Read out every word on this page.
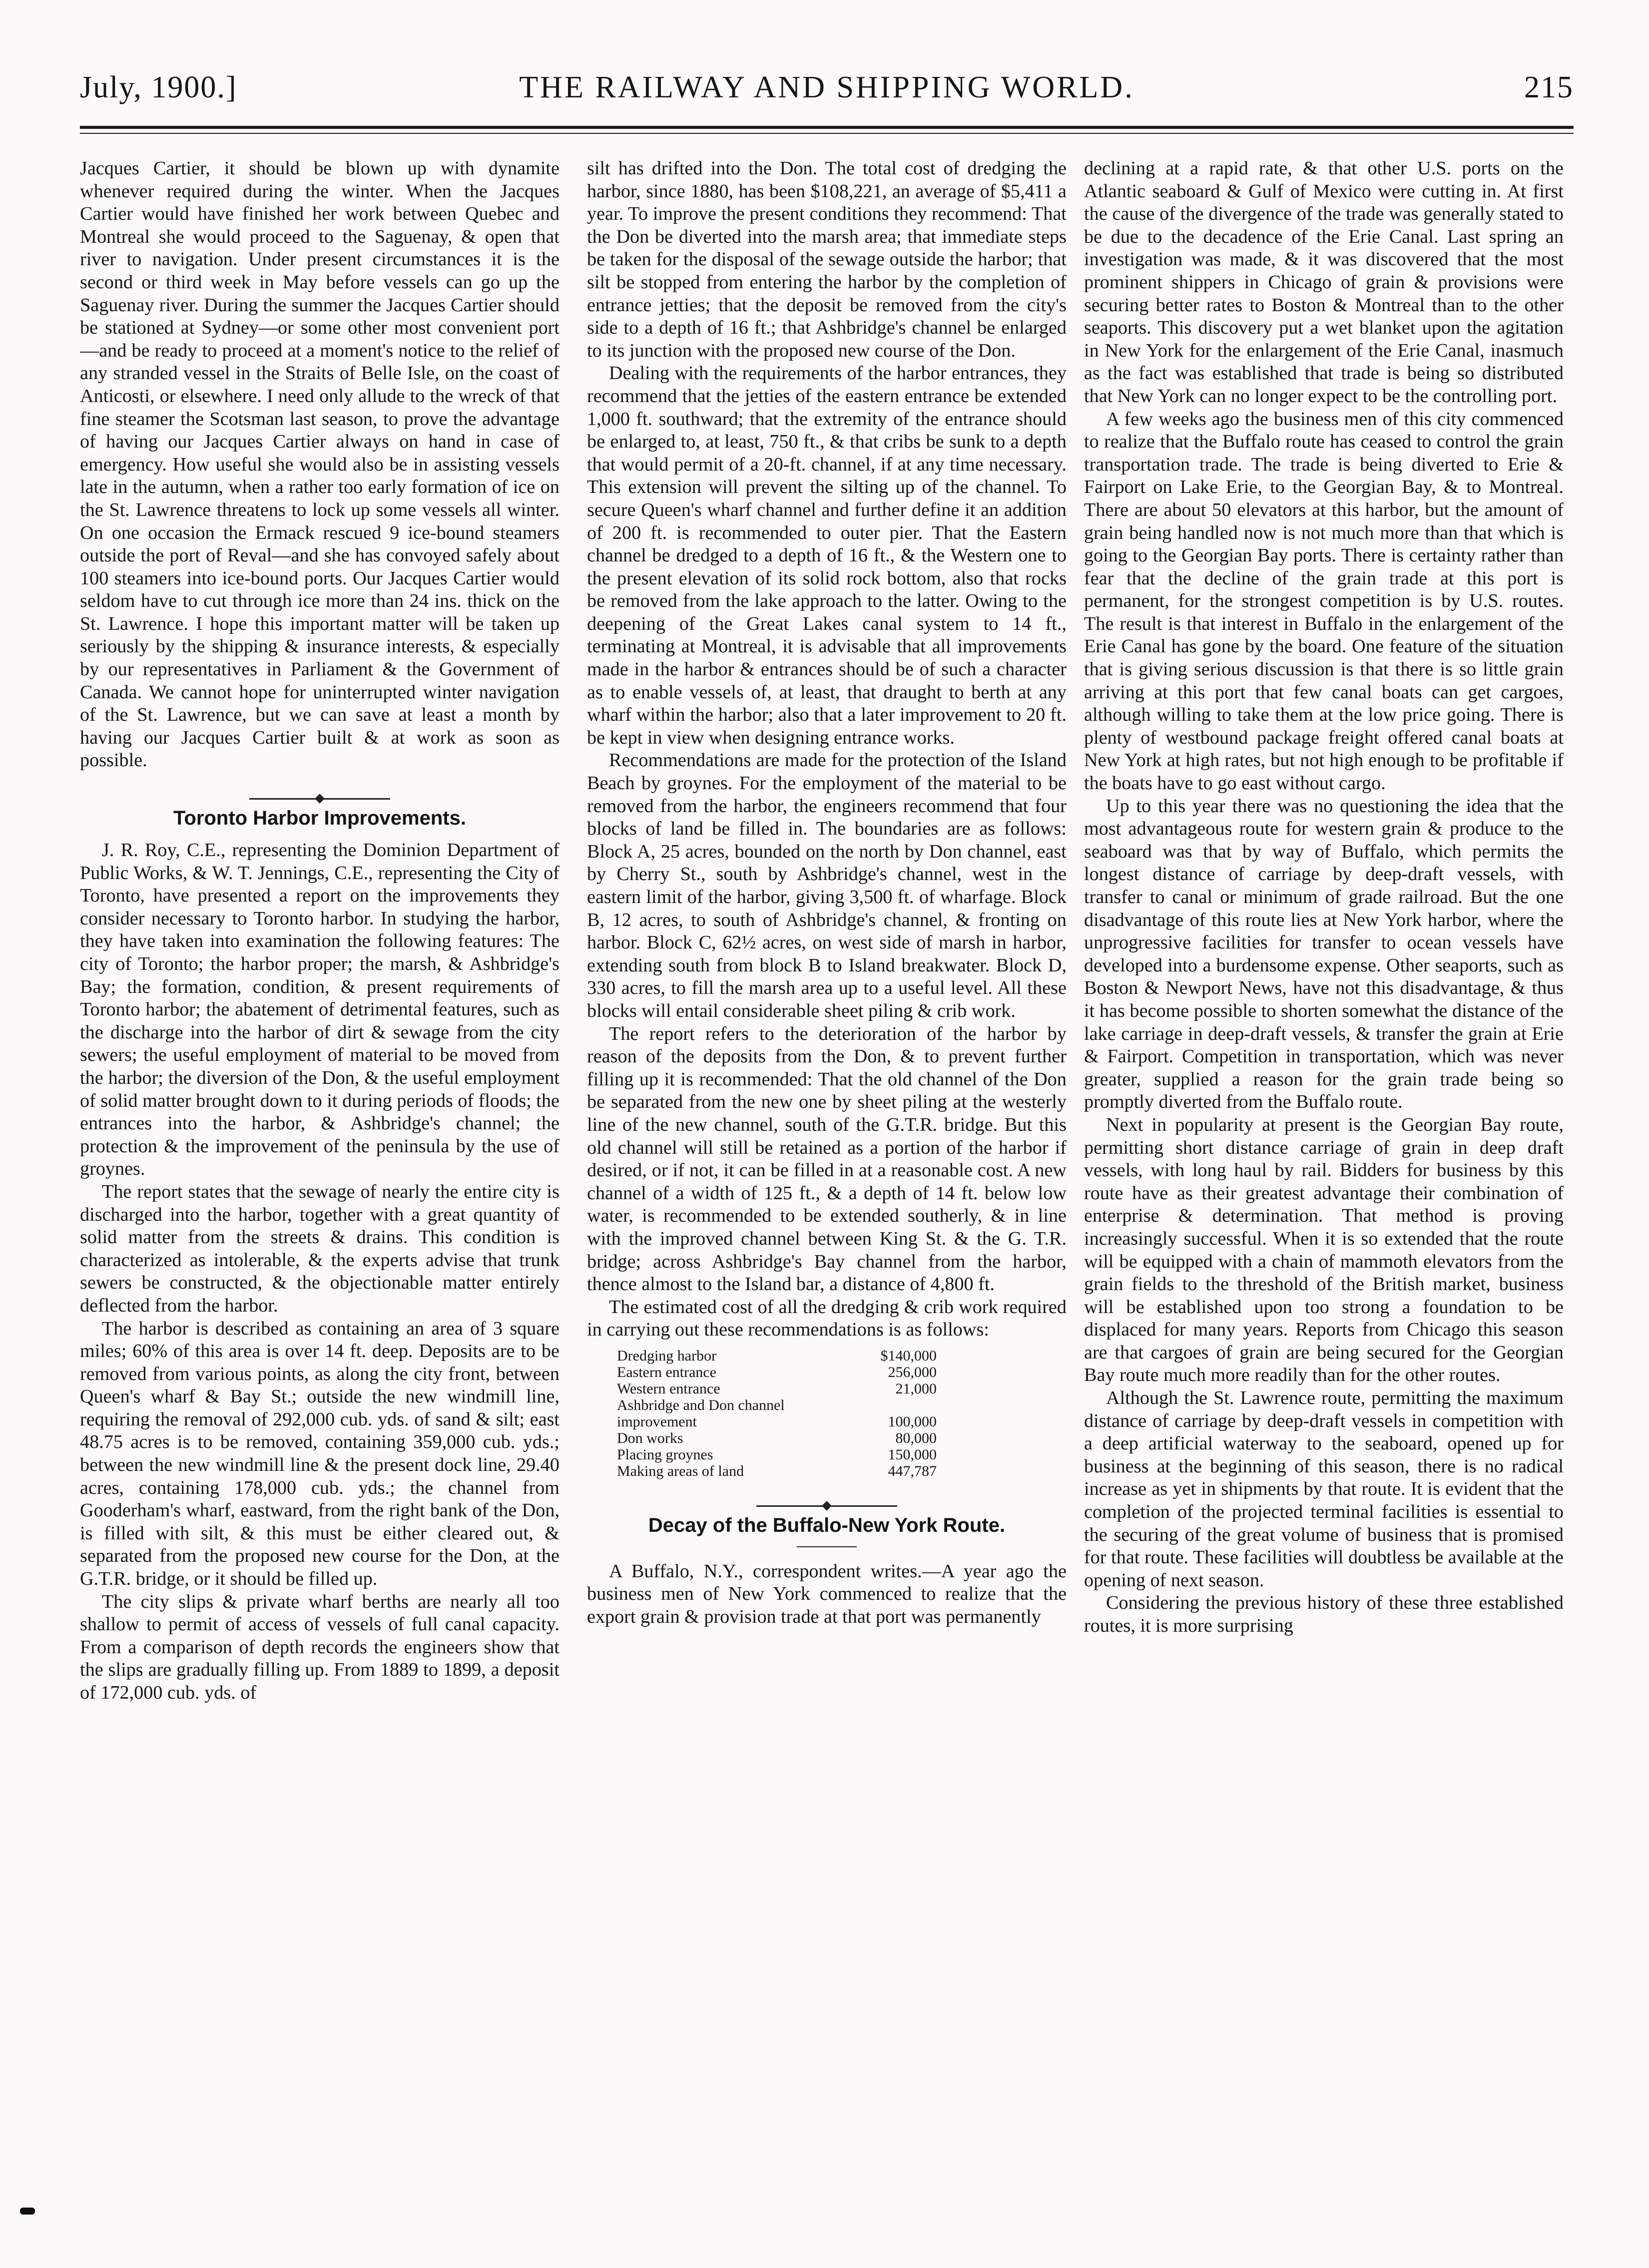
July, 1900.]	THE RAILWAY AND SHIPPING WORLD.	215

Jacques Cartier, it should be blown up with dynamite whenever required during the winter. When the Jacques Cartier would have finished her work between Quebec and Montreal she would proceed to the Saguenay, & open that river to navigation. Under present circumstances it is the second or third week in May before vessels can go up the Saguenay river. During the summer the Jacques Cartier should be stationed at Sydney—or some other most convenient port—and be ready to proceed at a moment's notice to the relief of any stranded vessel in the Straits of Belle Isle, on the coast of Anticosti, or elsewhere. I need only allude to the wreck of that fine steamer the Scotsman last season, to prove the advantage of having our Jacques Cartier always on hand in case of emergency. How useful she would also be in assisting vessels late in the autumn, when a rather too early formation of ice on the St. Lawrence threatens to lock up some vessels all winter. On one occasion the Ermack rescued 9 ice-bound steamers outside the port of Reval—and she has convoyed safely about 100 steamers into ice-bound ports. Our Jacques Cartier would seldom have to cut through ice more than 24 ins. thick on the St. Lawrence. I hope this important matter will be taken up seriously by the shipping & insurance interests, & especially by our representatives in Parliament & the Government of Canada. We cannot hope for uninterrupted winter navigation of the St. Lawrence, but we can save at least a month by having our Jacques Cartier built & at work as soon as possible.

Toronto Harbor Improvements.

J. R. Roy, C.E., representing the Dominion Department of Public Works, & W. T. Jennings, C.E., representing the City of Toronto, have presented a report on the improvements they consider necessary to Toronto harbor. In studying the harbor, they have taken into examination the following features: The city of Toronto; the harbor proper; the marsh, & Ashbridge's Bay; the formation, condition, & present requirements of Toronto harbor; the abatement of detrimental features, such as the discharge into the harbor of dirt & sewage from the city sewers; the useful employment of material to be moved from the harbor; the diversion of the Don, & the useful employment of solid matter brought down to it during periods of floods; the entrances into the harbor, & Ashbridge's channel; the protection & the improvement of the peninsula by the use of groynes.

The report states that the sewage of nearly the entire city is discharged into the harbor, together with a great quantity of solid matter from the streets & drains. This condition is characterized as intolerable, & the experts advise that trunk sewers be constructed, & the objectionable matter entirely deflected from the harbor.

The harbor is described as containing an area of 3 square miles; 60% of this area is over 14 ft. deep. Deposits are to be removed from various points, as along the city front, between Queen's wharf & Bay St.; outside the new windmill line, requiring the removal of 292,000 cub. yds. of sand & silt; east 48.75 acres is to be removed, containing 359,000 cub. yds.; between the new windmill line & the present dock line, 29.40 acres, containing 178,000 cub. yds.; the channel from Gooderham's wharf, eastward, from the right bank of the Don, is filled with silt, & this must be either cleared out, & separated from the proposed new course for the Don, at the G.T.R. bridge, or it should be filled up.

The city slips & private wharf berths are nearly all too shallow to permit of access of vessels of full canal capacity. From a comparison of depth records the engineers show that the slips are gradually filling up. From 1889 to 1899, a deposit of 172,000 cub. yds. of

silt has drifted into the Don. The total cost of dredging the harbor, since 1880, has been $108,221, an average of $5,411 a year. To improve the present conditions they recommend: That the Don be diverted into the marsh area; that immediate steps be taken for the disposal of the sewage outside the harbor; that silt be stopped from entering the harbor by the completion of entrance jetties; that the deposit be removed from the city's side to a depth of 16 ft.; that Ashbridge's channel be enlarged to its junction with the proposed new course of the Don.

Dealing with the requirements of the harbor entrances, they recommend that the jetties of the eastern entrance be extended 1,000 ft. southward; that the extremity of the entrance should be enlarged to, at least, 750 ft., & that cribs be sunk to a depth that would permit of a 20-ft. channel, if at any time necessary. This extension will prevent the silting up of the channel. To secure Queen's wharf channel and further define it an addition of 200 ft. is recommended to outer pier. That the Eastern channel be dredged to a depth of 16 ft., & the Western one to the present elevation of its solid rock bottom, also that rocks be removed from the lake approach to the latter. Owing to the deepening of the Great Lakes canal system to 14 ft., terminating at Montreal, it is advisable that all improvements made in the harbor & entrances should be of such a character as to enable vessels of, at least, that draught to berth at any wharf within the harbor; also that a later improvement to 20 ft. be kept in view when designing entrance works.

Recommendations are made for the protection of the Island Beach by groynes. For the employment of the material to be removed from the harbor, the engineers recommend that four blocks of land be filled in. The boundaries are as follows: Block A, 25 acres, bounded on the north by Don channel, east by Cherry St., south by Ashbridge's channel, west in the eastern limit of the harbor, giving 3,500 ft. of wharfage. Block B, 12 acres, to south of Ashbridge's channel, & fronting on harbor. Block C, 62½ acres, on west side of marsh in harbor, extending south from block B to Island breakwater. Block D, 330 acres, to fill the marsh area up to a useful level. All these blocks will entail considerable sheet piling & crib work.

The report refers to the deterioration of the harbor by reason of the deposits from the Don, & to prevent further filling up it is recommended: That the old channel of the Don be separated from the new one by sheet piling at the westerly line of the new channel, south of the G.T.R. bridge. But this old channel will still be retained as a portion of the harbor if desired, or if not, it can be filled in at a reasonable cost. A new channel of a width of 125 ft., & a depth of 14 ft. below low water, is recommended to be extended southerly, & in line with the improved channel between King St. & the G. T.R. bridge; across Ashbridge's Bay channel from the harbor, thence almost to the Island bar, a distance of 4,800 ft.

The estimated cost of all the dredging & crib work required in carrying out these recommendations is as follows:

Dredging harbor	$140,000
Eastern entrance	256,000
Western entrance	21,000
Ashbridge and Don channel improvement	100,000
Don works	80,000
Placing groynes	150,000
Making areas of land	447,787
Decay of the Buffalo-New York Route.

A Buffalo, N.Y., correspondent writes.—A year ago the business men of New York commenced to realize that the export grain & provision trade at that port was permanently

declining at a rapid rate, & that other U.S. ports on the Atlantic seaboard & Gulf of Mexico were cutting in. At first the cause of the divergence of the trade was generally stated to be due to the decadence of the Erie Canal. Last spring an investigation was made, & it was discovered that the most prominent shippers in Chicago of grain & provisions were securing better rates to Boston & Montreal than to the other seaports. This discovery put a wet blanket upon the agitation in New York for the enlargement of the Erie Canal, inasmuch as the fact was established that trade is being so distributed that New York can no longer expect to be the controlling port.

A few weeks ago the business men of this city commenced to realize that the Buffalo route has ceased to control the grain transportation trade. The trade is being diverted to Erie & Fairport on Lake Erie, to the Georgian Bay, & to Montreal. There are about 50 elevators at this harbor, but the amount of grain being handled now is not much more than that which is going to the Georgian Bay ports. There is certainty rather than fear that the decline of the grain trade at this port is permanent, for the strongest competition is by U.S. routes. The result is that interest in Buffalo in the enlargement of the Erie Canal has gone by the board. One feature of the situation that is giving serious discussion is that there is so little grain arriving at this port that few canal boats can get cargoes, although willing to take them at the low price going. There is plenty of westbound package freight offered canal boats at New York at high rates, but not high enough to be profitable if the boats have to go east without cargo.

Up to this year there was no questioning the idea that the most advantageous route for western grain & produce to the seaboard was that by way of Buffalo, which permits the longest distance of carriage by deep-draft vessels, with transfer to canal or minimum of grade railroad. But the one disadvantage of this route lies at New York harbor, where the unprogressive facilities for transfer to ocean vessels have developed into a burdensome expense. Other seaports, such as Boston & Newport News, have not this disadvantage, & thus it has become possible to shorten somewhat the distance of the lake carriage in deep-draft vessels, & transfer the grain at Erie & Fairport. Competition in transportation, which was never greater, supplied a reason for the grain trade being so promptly diverted from the Buffalo route.

Next in popularity at present is the Georgian Bay route, permitting short distance carriage of grain in deep draft vessels, with long haul by rail. Bidders for business by this route have as their greatest advantage their combination of enterprise & determination. That method is proving increasingly successful. When it is so extended that the route will be equipped with a chain of mammoth elevators from the grain fields to the threshold of the British market, business will be established upon too strong a foundation to be displaced for many years. Reports from Chicago this season are that cargoes of grain are being secured for the Georgian Bay route much more readily than for the other routes.

Although the St. Lawrence route, permitting the maximum distance of carriage by deep-draft vessels in competition with a deep artificial waterway to the seaboard, opened up for business at the beginning of this season, there is no radical increase as yet in shipments by that route. It is evident that the completion of the projected terminal facilities is essential to the securing of the great volume of business that is promised for that route. These facilities will doubtless be available at the opening of next season.

Considering the previous history of these three established routes, it is more surprising
